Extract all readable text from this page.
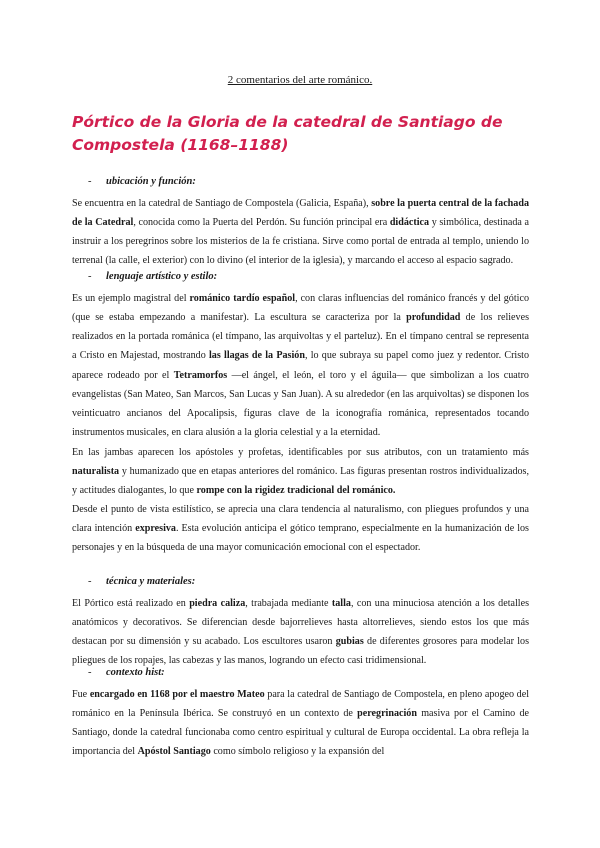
2 comentarios del arte románico.
Pórtico de la Gloria de la catedral de Santiago de Compostela (1168–1188)
- ubicación y función:

Se encuentra en la catedral de Santiago de Compostela (Galicia, España), sobre la puerta central de la fachada de la Catedral, conocida como la Puerta del Perdón. Su función principal era didáctica y simbólica, destinada a instruir a los peregrinos sobre los misterios de la fe cristiana. Sirve como portal de entrada al templo, uniendo lo terrenal (la calle, el exterior) con lo divino (el interior de la iglesia), y marcando el acceso al espacio sagrado.

- lenguaje artístico y estilo:

Es un ejemplo magistral del románico tardío español, con claras influencias del románico francés y del gótico (que se estaba empezando a manifestar). La escultura se caracteriza por la profundidad de los relieves realizados en la portada románica (el tímpano, las arquivoltas y el parteluz). En el tímpano central se representa a Cristo en Majestad, mostrando las llagas de la Pasión, lo que subraya su papel como juez y redentor. Cristo aparece rodeado por el Tetramorfos —el ángel, el león, el toro y el águila— que simbolizan a los cuatro evangelistas (San Mateo, San Marcos, San Lucas y San Juan). A su alrededor (en las arquivoltas) se disponen los veinticuatro ancianos del Apocalipsis, figuras clave de la iconografía románica, representados tocando instrumentos musicales, en clara alusión a la gloria celestial y a la eternidad.

En las jambas aparecen los apóstoles y profetas, identificables por sus atributos, con un tratamiento más naturalista y humanizado que en etapas anteriores del románico. Las figuras presentan rostros individualizados, y actitudes dialogantes, lo que rompe con la rigidez tradicional del románico.

Desde el punto de vista estilístico, se aprecia una clara tendencia al naturalismo, con pliegues profundos y una clara intención expresiva. Esta evolución anticipa el gótico temprano, especialmente en la humanización de los personajes y en la búsqueda de una mayor comunicación emocional con el espectador.

- técnica y materiales:

El Pórtico está realizado en piedra caliza, trabajada mediante talla, con una minuciosa atención a los detalles anatómicos y decorativos. Se diferencian desde bajorrelieves hasta altorrelieves, siendo estos los que más destacan por su dimensión y su acabado. Los escultores usaron gubias de diferentes grosores para modelar los pliegues de los ropajes, las cabezas y las manos, logrando un efecto casi tridimensional.

- contexto hist:

Fue encargado en 1168 por el maestro Mateo para la catedral de Santiago de Compostela, en pleno apogeo del románico en la Península Ibérica. Se construyó en un contexto de peregrinación masiva por el Camino de Santiago, donde la catedral funcionaba como centro espiritual y cultural de Europa occidental. La obra refleja la importancia del Apóstol Santiago como símbolo religioso y la expansión del
